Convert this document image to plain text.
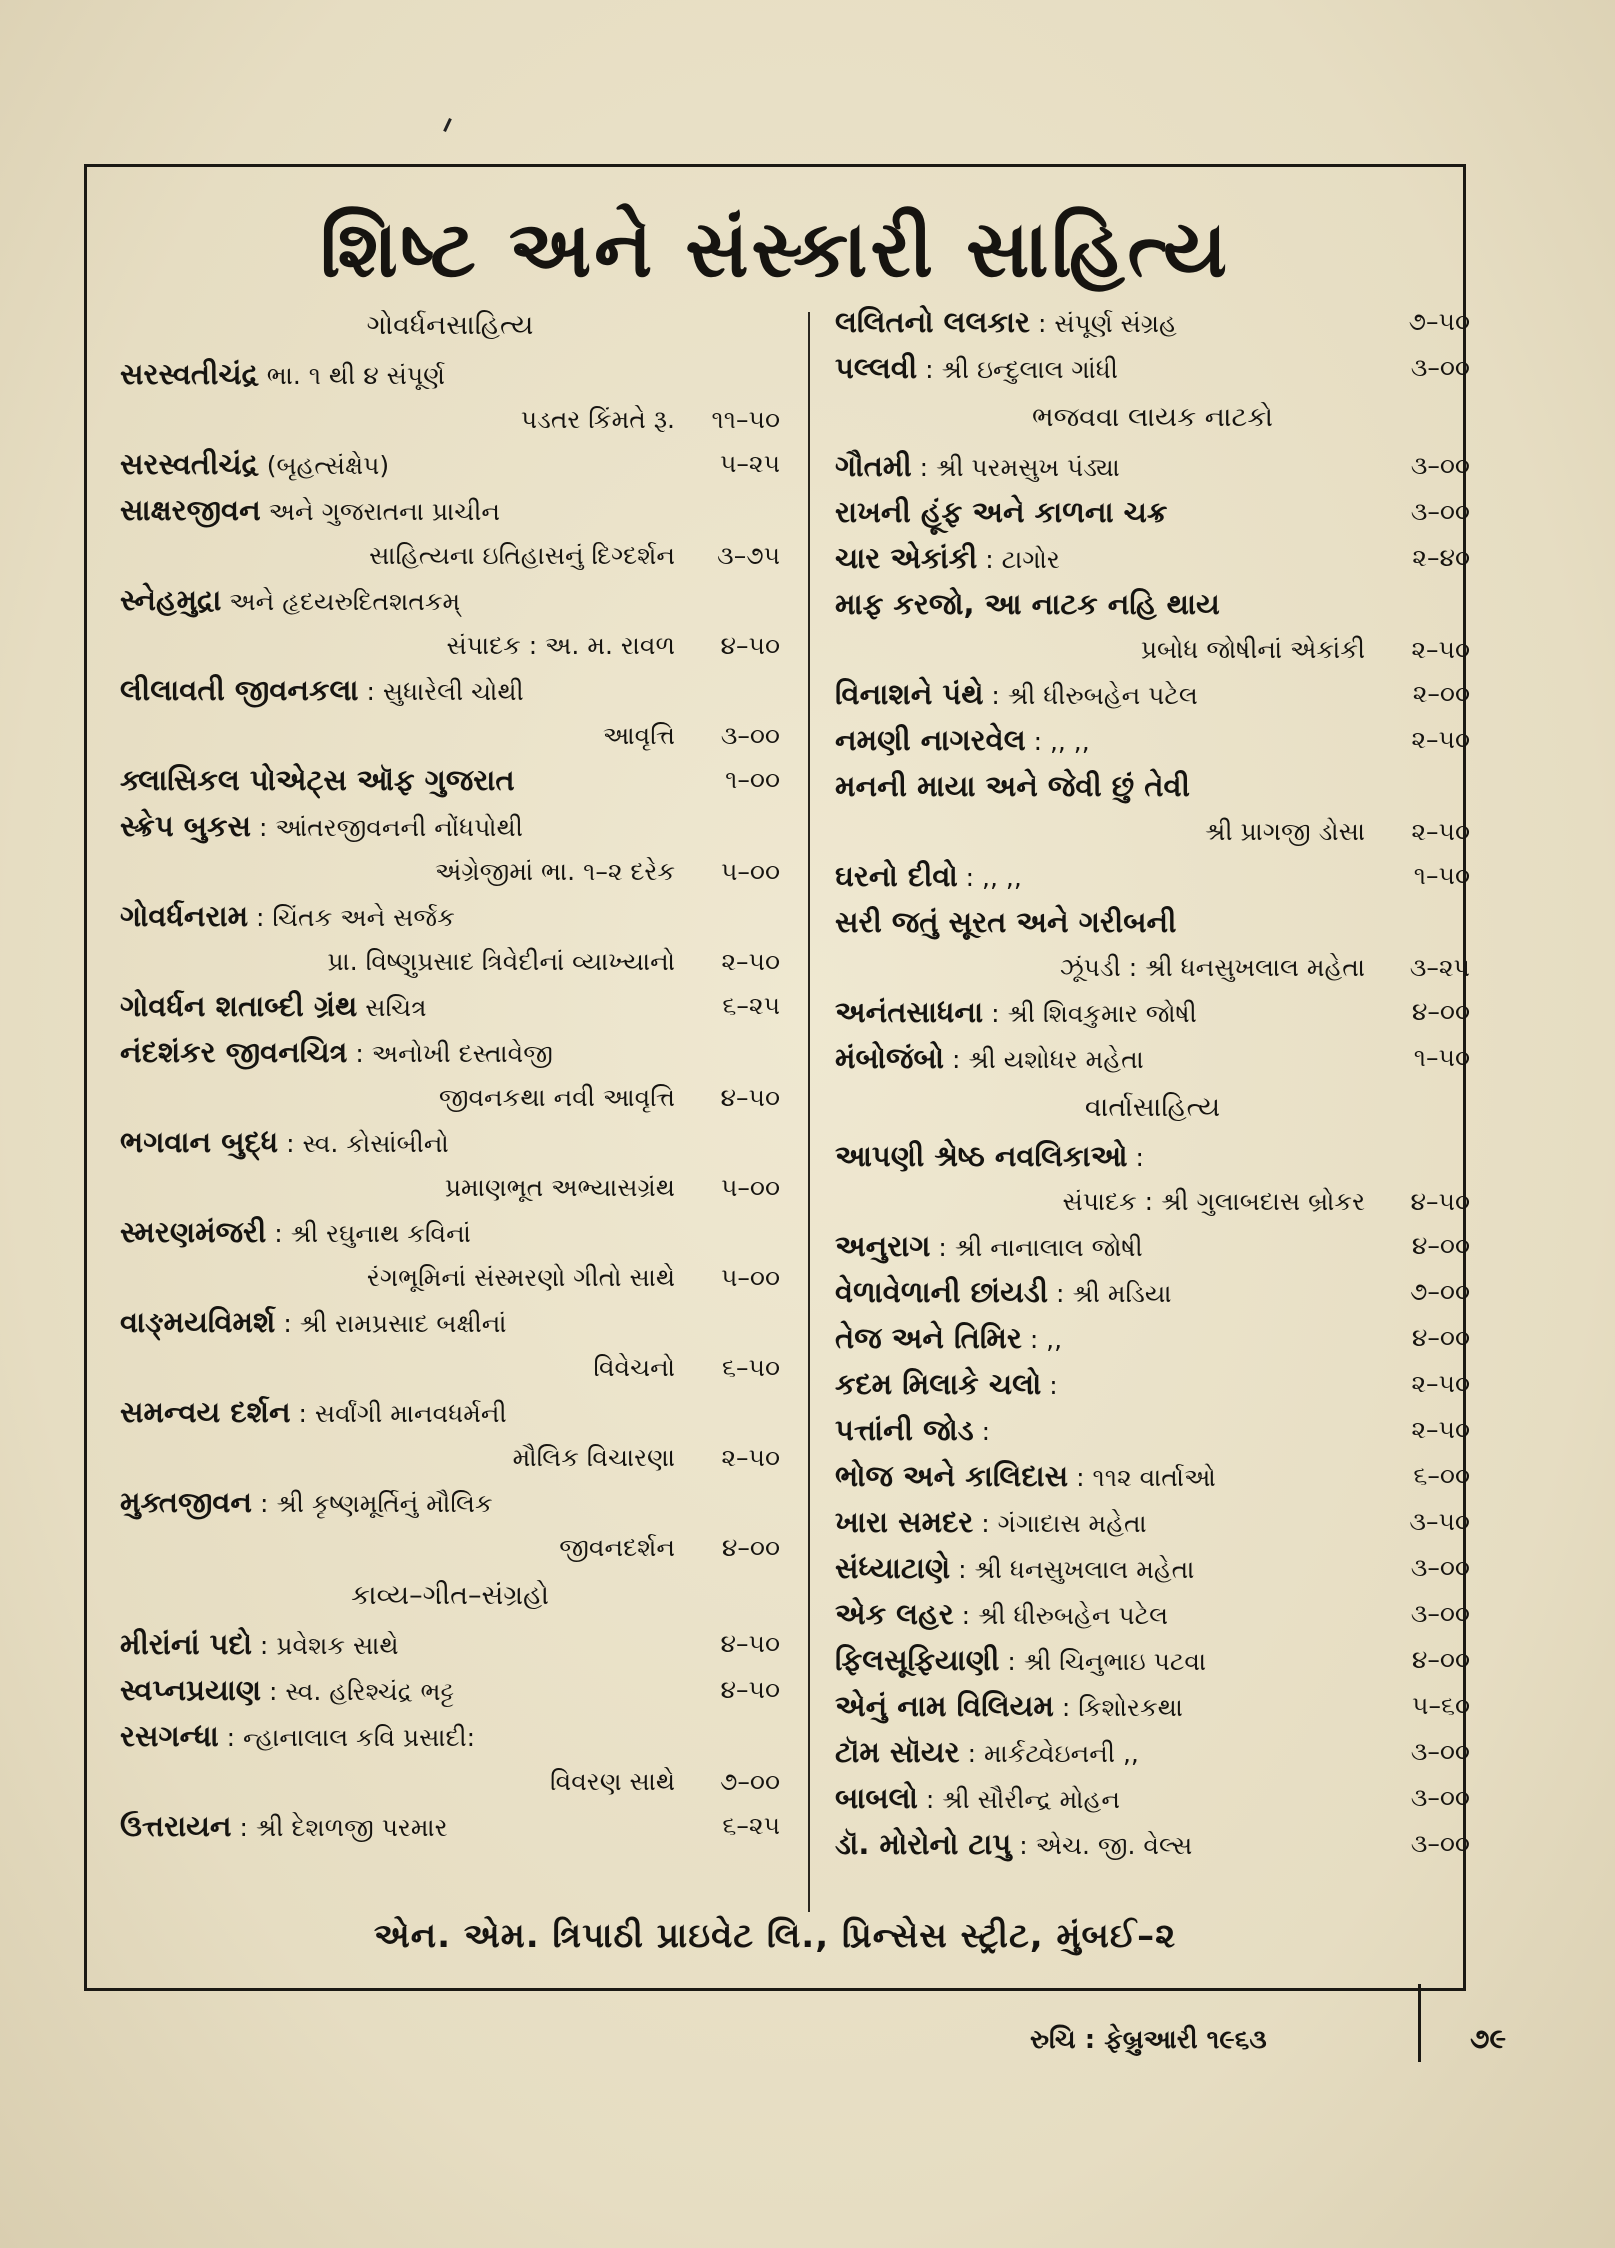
શિષ્ટ અને સંસ્કારી સાહિત્ય
ગોવર્ધનસાહિત્ય
સરસ્વતીચંદ્ર ભા. ૧ થી ૪ સંપૂર્ણ
પડતર કિંમતે રૂ.	૧૧–૫૦
સરસ્વતીચંદ્ર (બૃહત્સંક્ષેપ)	૫–૨૫
સાક્ષરજીવન અને ગુજરાતના પ્રાચીન
સાહિત્યના ઇતિહાસનું દિગ્દર્શન	૩–૭૫
સ્નેહમુદ્રા અને હૃદયરુદિતશતકમ્
સંપાદક : અ. મ. રાવળ	૪–૫૦
લીલાવતી જીવનકલા : સુધારેલી ચોથી
આવૃત્તિ	૩–૦૦
ક્લાસિકલ પોએટ્સ ઑફ ગુજરાત	૧–૦૦
સ્ક્રેપ બુકસ : આંતરજીવનની નોંધપોથી
અંગ્રેજીમાં ભા. ૧–૨ દરેક	૫–૦૦
ગોવર્ધનરામ : ચિંતક અને સર્જક
પ્રા. વિષ્ણુપ્રસાદ ત્રિવેદીનાં વ્યાખ્યાનો	૨–૫૦
ગોવર્ધન શતાબ્દી ગ્રંથ સચિત્ર	૬–૨૫
નંદશંકર જીવનચિત્ર : અનોખી દસ્તાવેજી
જીવનકથા નવી આવૃત્તિ	૪–૫૦
ભગવાન બુદ્ધ : સ્વ. કોસાંબીનો
પ્રમાણભૂત અભ્યાસગ્રંથ	૫–૦૦
સ્મરણમંજરી : શ્રી રઘુનાથ કવિનાં
રંગભૂમિનાં સંસ્મરણો ગીતો સાથે	૫–૦૦
વાઙ્મયવિમર્શ : શ્રી રામપ્રસાદ બક્ષીનાં
વિવેચનો	૬–૫૦
સમન્વય દર્શન : સર્વાંગી માનવધર્મની
મૌલિક વિચારણા	૨–૫૦
મુક્તજીવન : શ્રી કૃષ્ણમૂર્તિનું મૌલિક
જીવનદર્શન	૪–૦૦
કાવ્ય–ગીત–સંગ્રહો
મીરાંનાં પદો : પ્રવેશક સાથે	૪–૫૦
સ્વપ્નપ્રયાણ : સ્વ. હરિશ્ચંદ્ર ભટ્ટ	૪–૫૦
રસગન્ધા : ન્હાનાલાલ કવિ પ્રસાદી:
વિવરણ સાથે	૭–૦૦
ઉત્તરાયન : શ્રી દેશળજી પરમાર	૬–૨૫
લલિતનો લલકાર : સંપૂર્ણ સંગ્રહ	૭–૫૦
પલ્લવી : શ્રી ઇન્દુલાલ ગાંધી	૩–૦૦
ભજવવા લાયક નાટકો
ગૌતમી : શ્રી પરમસુખ પંડ્યા	૩–૦૦
રાખની હૂંફ અને કાળના ચક્ર	૩–૦૦
ચાર એકાંકી : ટાગોર	૨–૪૦
માફ કરજો, આ નાટક નહિ થાય
પ્રબોધ જોષીનાં એકાંકી	૨–૫૦
વિનાશને પંથે : શ્રી ધીરુબહેન પટેલ	૨–૦૦
નમણી નાગરવેલ : ,, ,,	૨–૫૦
મનની માયા અને જેવી છું તેવી
શ્રી પ્રાગજી ડોસા	૨–૫૦
ઘરનો દીવો : ,, ,,	૧–૫૦
સરી જતું સૂરત અને ગરીબની
ઝૂંપડી : શ્રી ધનસુખલાલ મહેતા	૩–૨૫
અનંતસાધના : શ્રી શિવકુમાર જોષી	૪–૦૦
મંબોજંબો : શ્રી યશોધર મહેતા	૧–૫૦
વાર્તાસાહિત્ય
આપણી શ્રેષ્ઠ નવલિકાઓ :
સંપાદક : શ્રી ગુલાબદાસ બ્રોકર	૪–૫૦
અનુરાગ : શ્રી નાનાલાલ જોષી	૪–૦૦
વેળાવેળાની છાંયડી : શ્રી મડિયા	૭–૦૦
તેજ અને તિમિર : ,,	૪–૦૦
કદમ મિલાકે ચલો :	૨–૫૦
પત્તાંની જોડ :	૨–૫૦
ભોજ અને કાલિદાસ : ૧૧૨ વાર્તાઓ	૬–૦૦
ખારા સમદર : ગંગાદાસ મહેતા	૩–૫૦
સંધ્યાટાણે : શ્રી ધનસુખલાલ મહેતા	૩–૦૦
એક લહર : શ્રી ધીરુબહેન પટેલ	૩–૦૦
ફિલસૂફિયાણી : શ્રી ચિનુભાઇ પટવા	૪–૦૦
એનું નામ વિલિયમ : કિશોરકથા	૫–૬૦
ટૉમ સૉયર : માર્કટ્વેઇનની ,,	૩–૦૦
બાબલો : શ્રી સૌરીન્દ્ર મોહન	૩–૦૦
ડૉ. મોરોનો ટાપુ : એચ. જી. વેલ્સ	૩–૦૦
એન. એમ. ત્રિપાઠી પ્રાઇવેટ લિ., પ્રિન્સેસ સ્ટ્રીટ, મુંબઈ–૨
રુચિ : ફેબ્રુઆરી ૧૯૬૩	૭૯
